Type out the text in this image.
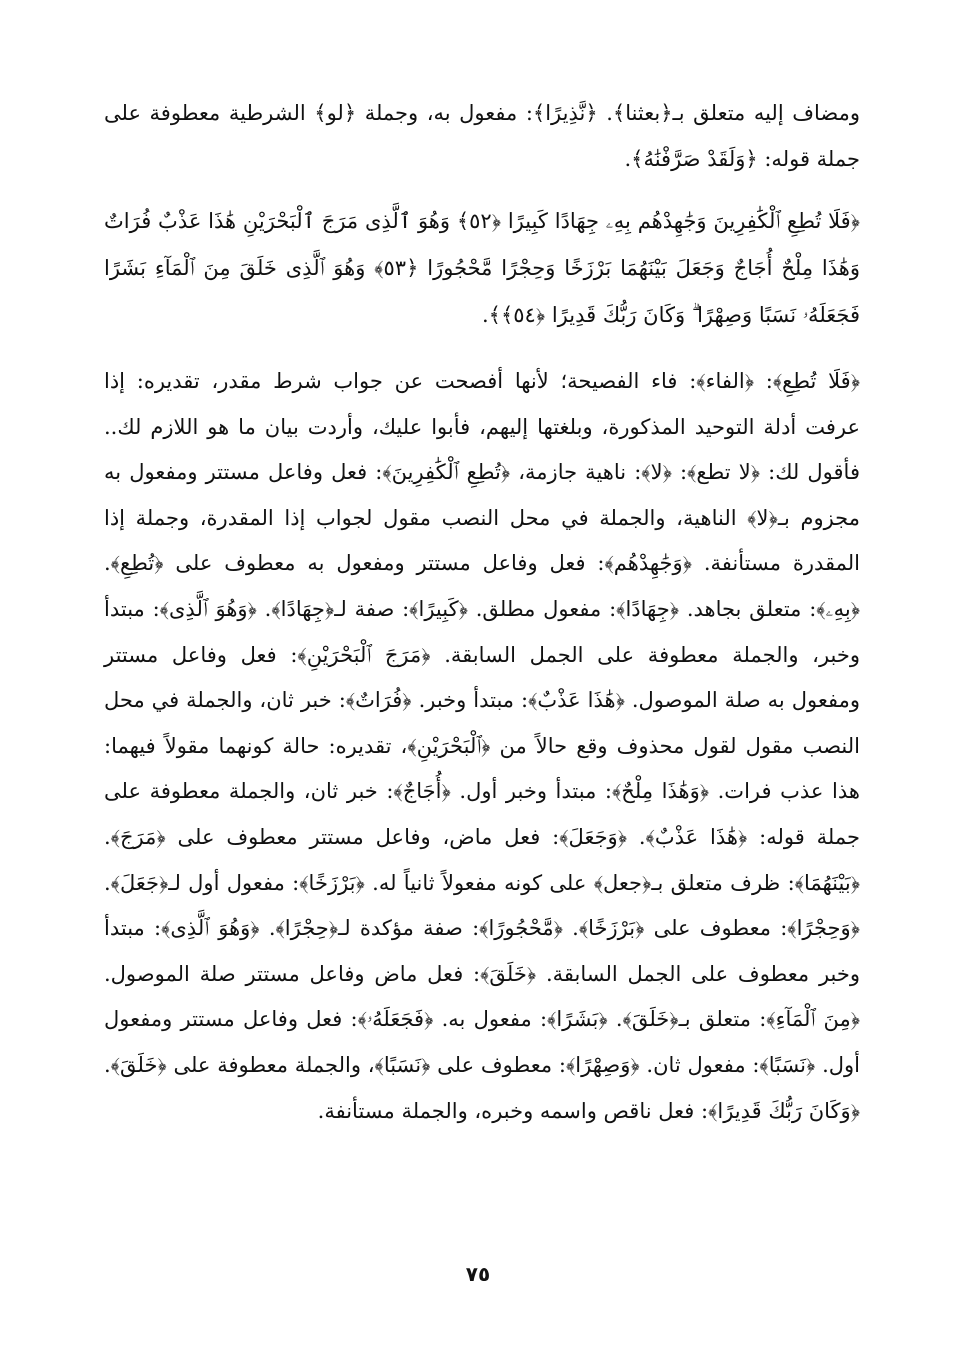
ومضاف إليه متعلق بـ﴿بعثنا﴾. ﴿نَّذِيرًا﴾: مفعول به، وجملة ﴿لو﴾ الشرطية معطوفة على جملة قوله: ﴿وَلَقَدْ صَرَّفْنَٰهُ﴾.

﴿فَلَا تُطِعِ ٱلْكَٰفِرِينَ وَجَٰهِدْهُم بِهِۦ جِهَادًا كَبِيرًا ﴿٥٢﴾ وَهُوَ ٱلَّذِى مَرَجَ ٱلْبَحْرَيْنِ هَٰذَا عَذْبٌ فُرَاتٌ وَهَٰذَا مِلْحٌ أُجَاجٌ وَجَعَلَ بَيْنَهُمَا بَرْزَخًا وَحِجْرًا مَّحْجُورًا ﴿٥٣﴾ وَهُوَ ٱلَّذِى خَلَقَ مِنَ ٱلْمَآءِ بَشَرًا فَجَعَلَهُۥ نَسَبًا وَصِهْرًا ۗ وَكَانَ رَبُّكَ قَدِيرًا ﴿٥٤﴾﴾.

﴿فَلَا تُطِعِ﴾: ﴿الفاء﴾: فاء الفصيحة؛ لأنها أفصحت عن جواب شرط مقدر، تقديره: إذا عرفت أدلة التوحيد المذكورة، وبلغتها إليهم، فأبوا عليك، وأردت بيان ما هو اللازم لك.. فأقول لك: ﴿لا تطع﴾: ﴿لا﴾: ناهية جازمة، ﴿تُطِعِ ٱلْكَٰفِرِينَ﴾: فعل وفاعل مستتر ومفعول به مجزوم بـ﴿لا﴾ الناهية، والجملة في محل النصب مقول لجواب إذا المقدرة، وجملة إذا المقدرة مستأنفة. ﴿وَجَٰهِدْهُم﴾: فعل وفاعل مستتر ومفعول به معطوف على ﴿تُطِعِ﴾. ﴿بِهِۦ﴾: متعلق بجاهد. ﴿جِهَادًا﴾: مفعول مطلق. ﴿كَبِيرًا﴾: صفة لـ﴿جِهَادًا﴾. ﴿وَهُوَ ٱلَّذِى﴾: مبتدأ وخبر، والجملة معطوفة على الجمل السابقة. ﴿مَرَجَ ٱلْبَحْرَيْنِ﴾: فعل وفاعل مستتر ومفعول به صلة الموصول. ﴿هَٰذَا عَذْبٌ﴾: مبتدأ وخبر. ﴿فُرَاتٌ﴾: خبر ثان، والجملة في محل النصب مقول لقول محذوف وقع حالاً من ﴿ٱلْبَحْرَيْنِ﴾، تقديره: حالة كونهما مقولاً فيهما: هذا عذب فرات. ﴿وَهَٰذَا مِلْحٌ﴾: مبتدأ وخبر أول. ﴿أُجَاجٌ﴾: خبر ثان، والجملة معطوفة على جملة قوله: ﴿هَٰذَا عَذْبٌ﴾. ﴿وَجَعَلَ﴾: فعل ماض، وفاعل مستتر معطوف على ﴿مَرَجَ﴾. ﴿بَيْنَهُمَا﴾: ظرف متعلق بـ﴿جعل﴾ على كونه مفعولاً ثانياً له. ﴿بَرْزَخًا﴾: مفعول أول لـ﴿جَعَلَ﴾. ﴿وَحِجْرًا﴾: معطوف على ﴿بَرْزَخًا﴾. ﴿مَّحْجُورًا﴾: صفة مؤكدة لـ﴿حِجْرًا﴾. ﴿وَهُوَ ٱلَّذِى﴾: مبتدأ وخبر معطوف على الجمل السابقة. ﴿خَلَقَ﴾: فعل ماض وفاعل مستتر صلة الموصول. ﴿مِنَ ٱلْمَآءِ﴾: متعلق بـ﴿خَلَقَ﴾. ﴿بَشَرًا﴾: مفعول به. ﴿فَجَعَلَهُۥ﴾: فعل وفاعل مستتر ومفعول أول. ﴿نَسَبًا﴾: مفعول ثان. ﴿وَصِهْرًا﴾: معطوف على ﴿نَسَبًا﴾، والجملة معطوفة على ﴿خَلَقَ﴾. ﴿وَكَانَ رَبُّكَ قَدِيرًا﴾: فعل ناقص واسمه وخبره، والجملة مستأنفة.

٧٥
